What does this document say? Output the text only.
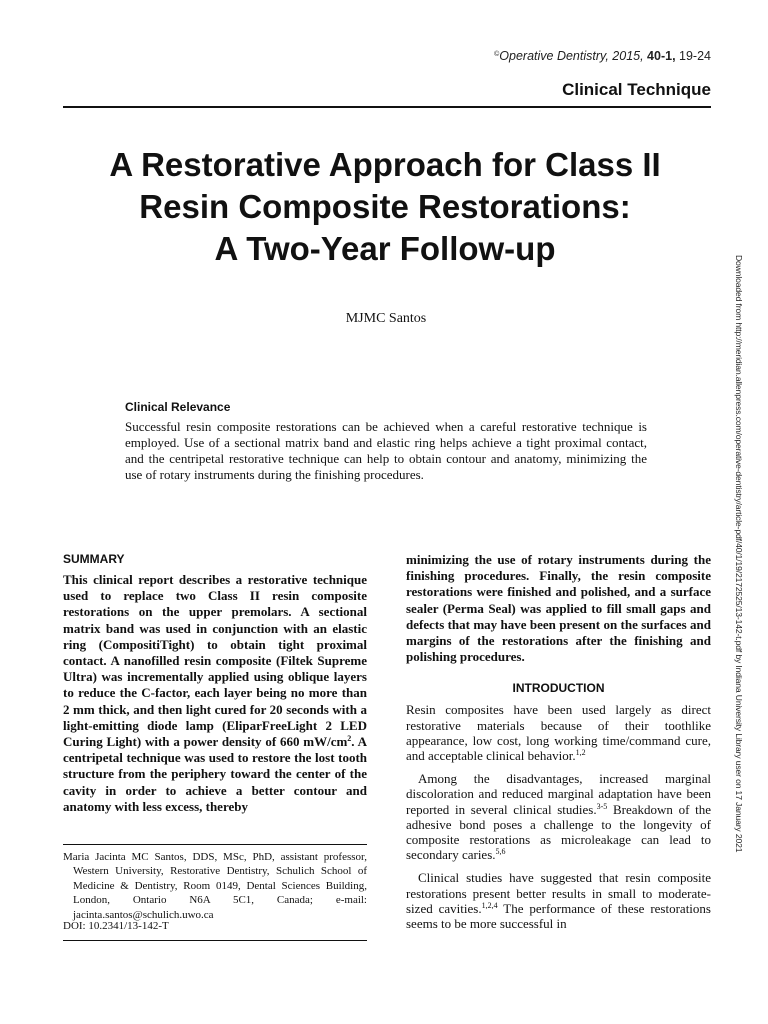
©Operative Dentistry, 2015, 40-1, 19-24
Clinical Technique
A Restorative Approach for Class II
Resin Composite Restorations:
A Two-Year Follow-up
MJMC Santos
Clinical Relevance
Successful resin composite restorations can be achieved when a careful restorative technique is employed. Use of a sectional matrix band and elastic ring helps achieve a tight proximal contact, and the centripetal restorative technique can help to obtain contour and anatomy, minimizing the use of rotary instruments during the finishing procedures.	Downloaded from http://meridian.allenpress.com/operative-dentistry/article-pdf/40/1/19/2172525/13-142-t.pdf by Indiana University Library user on 17 January 2021
SUMMARY

This clinical report describes a restorative technique used to replace two Class II resin composite restorations on the upper premolars. A sectional matrix band was used in conjunction with an elastic ring (CompositiTight) to obtain tight proximal contact. A nanofilled resin composite (Filtek Supreme Ultra) was incrementally applied using oblique layers to reduce the C-factor, each layer being no more than 2 mm thick, and then light cured for 20 seconds with a light-emitting diode lamp (EliparFreeLight 2 LED Curing Light) with a power density of 660 $mW/cm^2$. A centripetal technique was used to restore the lost tooth structure from the periphery toward the center of the cavity in order to achieve a better contour and anatomy with less excess, thereby

minimizing the use of rotary instruments during the finishing procedures. Finally, the resin composite restorations were finished and polished, and a surface sealer (Perma Seal) was applied to fill small gaps and defects that may have been present on the surfaces and margins of the restorations after the finishing and polishing procedures.

INTRODUCTION

Resin composites have been used largely as direct restorative materials because of their toothlike appearance, low cost, long working time/command cure, and acceptable clinical behavior.$^{1,2}$

Among the disadvantages, increased marginal discoloration and reduced marginal adaptation have been reported in several clinical studies.$^{3-5}$ Breakdown of the adhesive bond poses a challenge to the longevity of composite restorations as microleakage can lead to secondary caries.$^{5,6}$

Clinical studies have suggested that resin composite restorations present better results in small to moderate-sized cavities.$^{1,2,4}$ The performance of these restorations seems to be more successful in

Maria Jacinta MC Santos, DDS, MSc, PhD, assistant professor, Western University, Restorative Dentistry, Schulich School of Medicine & Dentistry, Room 0149, Dental Sciences Building, London, Ontario N6A 5C1, Canada; e-mail: jacinta.santos@schulich.uwo.ca

DOI: 10.2341/13-142-T
